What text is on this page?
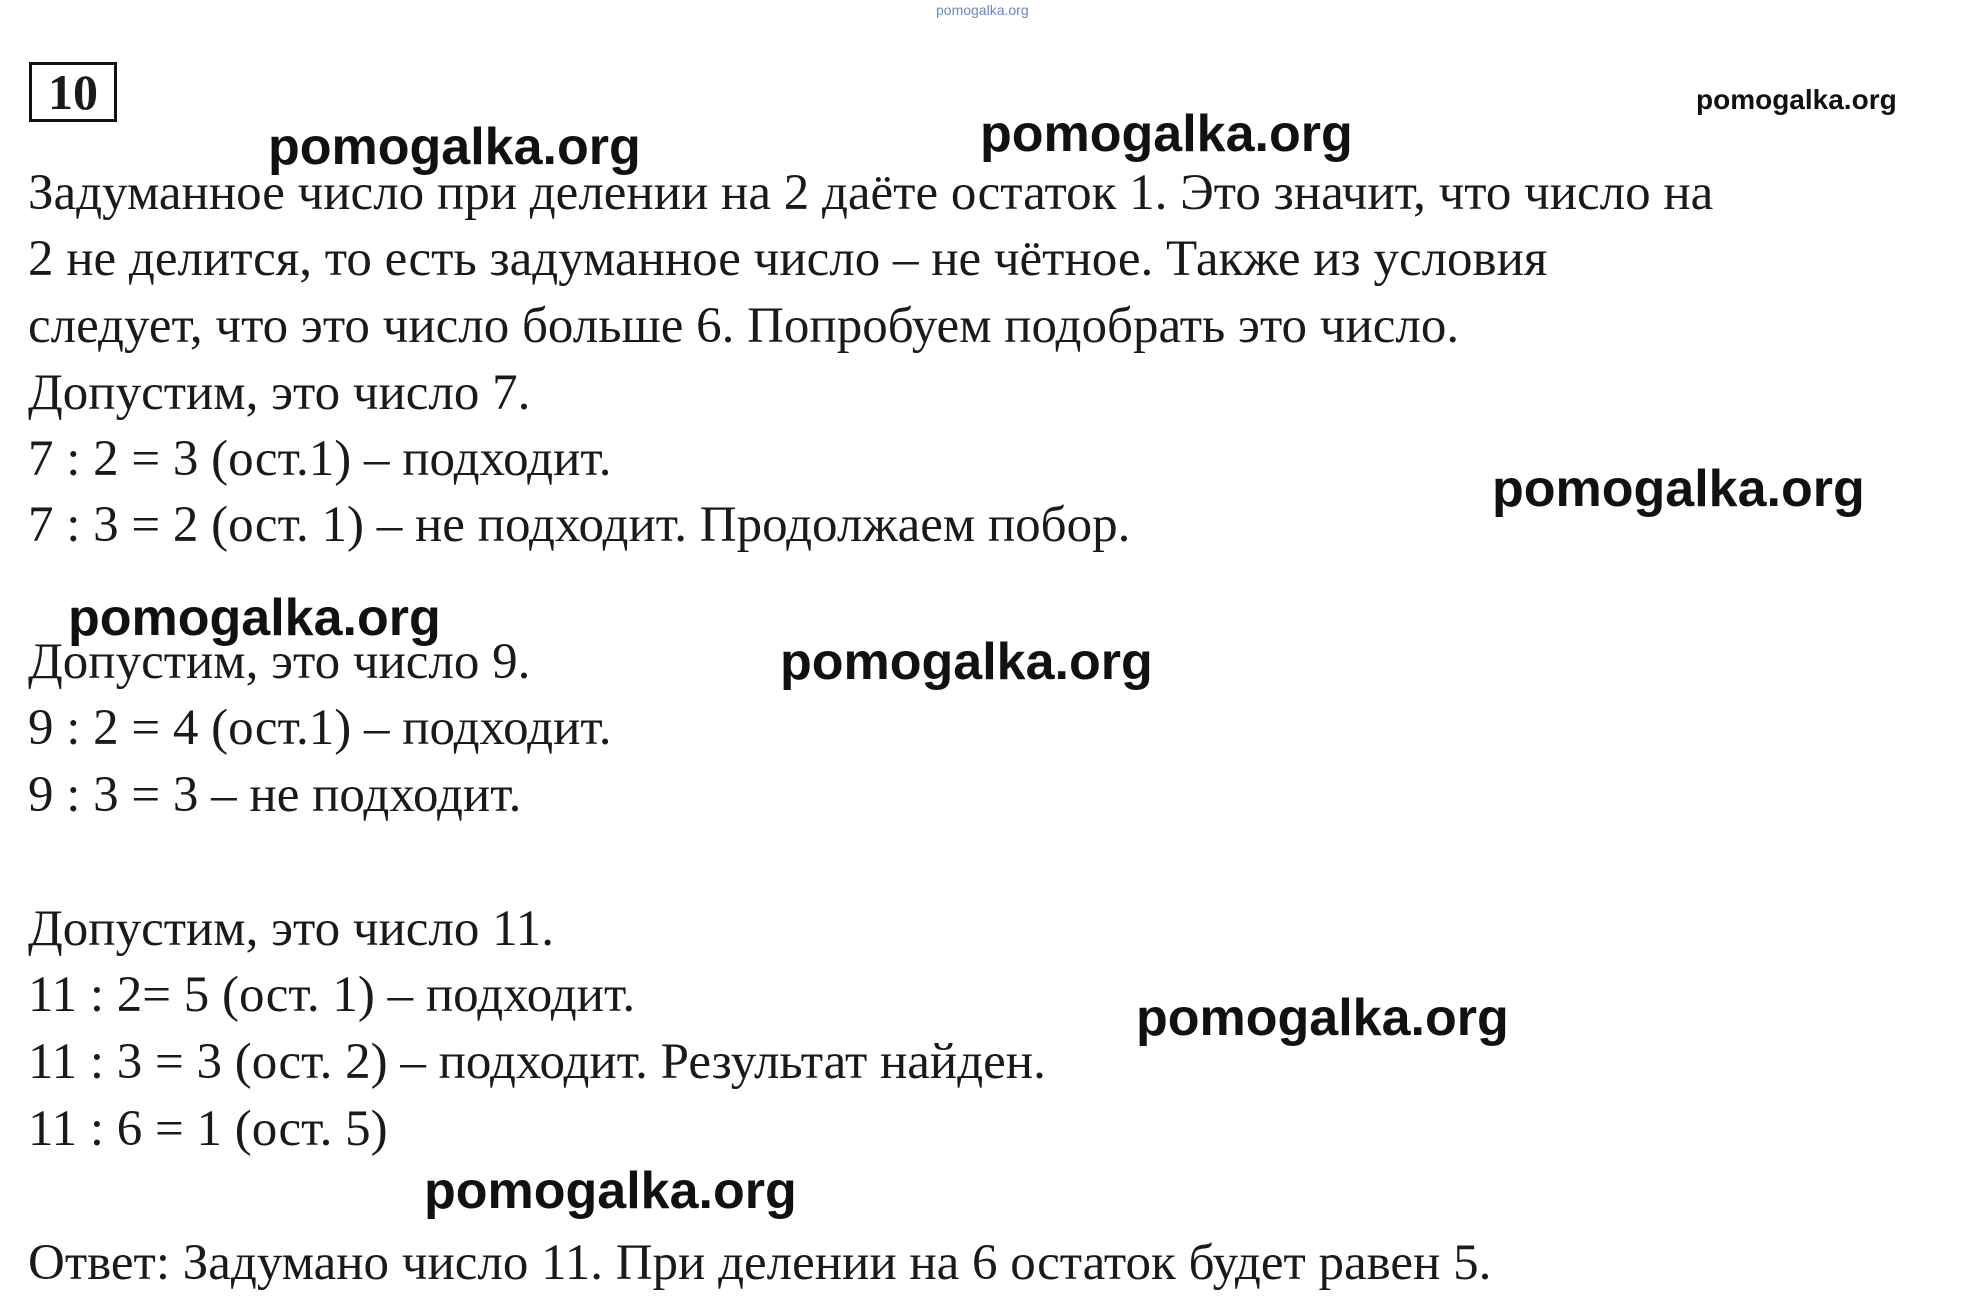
pomogalka.org
10	pomogalka.org
Задуманное число при делении на 2 даёте остаток 1. Это значит, что число на
2 не делится, то есть задуманное число – не чётное. Также из условия
следует, что это число больше 6. Попробуем подобрать это число.
Допустим, это число 7.
7 : 2 = 3 (ост.1) – подходит.
7 : 3 = 2 (ост. 1) – не подходит. Продолжаем побор.
Допустим, это число 9.
9 : 2 = 4 (ост.1) – подходит.
9 : 3 = 3 – не подходит.
Допустим, это число 11.
11 : 2= 5 (ост. 1) – подходит.
11 : 3 = 3 (ост. 2) – подходит. Результат найден.
11 : 6 = 1 (ост. 5)
Ответ: Задумано число 11. При делении на 6 остаток будет равен 5.
pomogalka.org	pomogalka.org
pomogalka.org
pomogalka.org
pomogalka.org
pomogalka.org
pomogalka.org
